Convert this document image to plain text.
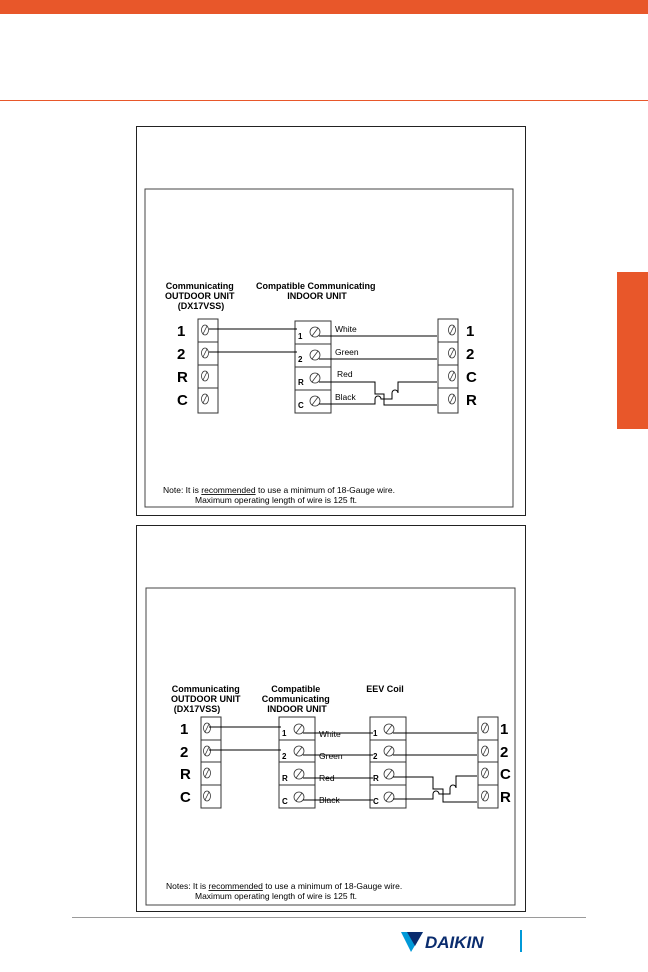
Communicating OUTDOOR UNIT (DX17VSS)
Compatible Communicating INDOOR UNIT
1
2
R
C
1
2
R
C
1
2
C
R
White
Green
Red
Black
Note: It is recommended to use a minimum of 18-Gauge wire.
Maximum operating length of wire is 125 ft.
Communicating OUTDOOR UNIT (DX17VSS)
Compatible Communicating INDOOR UNIT
EEV Coil
1
2
R
C
1
2
R
C
1
2
R
C
1
2
C
R
White
Green
Red
Black
Notes: It is recommended to use a minimum of 18-Gauge wire.
Maximum operating length of wire is 125 ft.
DAIKIN
